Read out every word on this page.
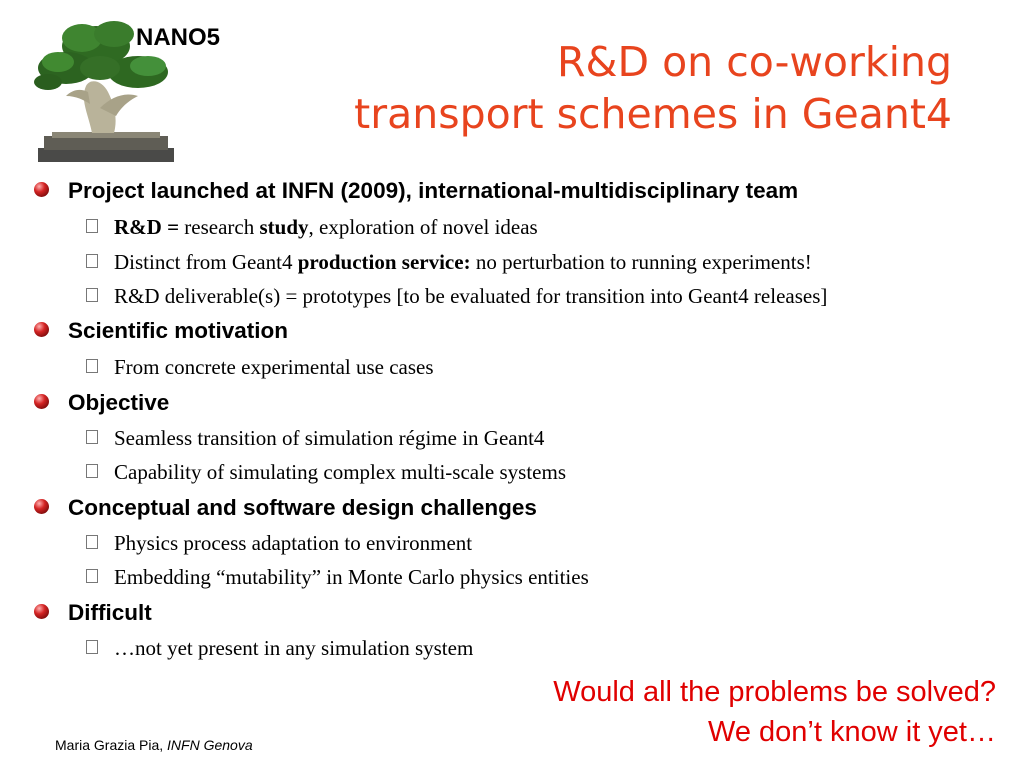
NANO5
R&D on co-working
transport schemes in Geant4
Project launched at INFN (2009), international-multidisciplinary team
R&D = research study, exploration of novel ideas
Distinct from Geant4 production service: no perturbation to running experiments!
R&D deliverable(s) = prototypes [to be evaluated for transition into Geant4 releases]
Scientific motivation
From concrete experimental use cases
Objective
Seamless transition of simulation régime in Geant4
Capability of simulating complex multi-scale systems
Conceptual and software design challenges
Physics process adaptation to environment
Embedding “mutability” in Monte Carlo physics entities
Difficult
…not yet present in any simulation system
Would all the problems be solved?
We don’t know it yet…
Maria Grazia Pia, INFN Genova
